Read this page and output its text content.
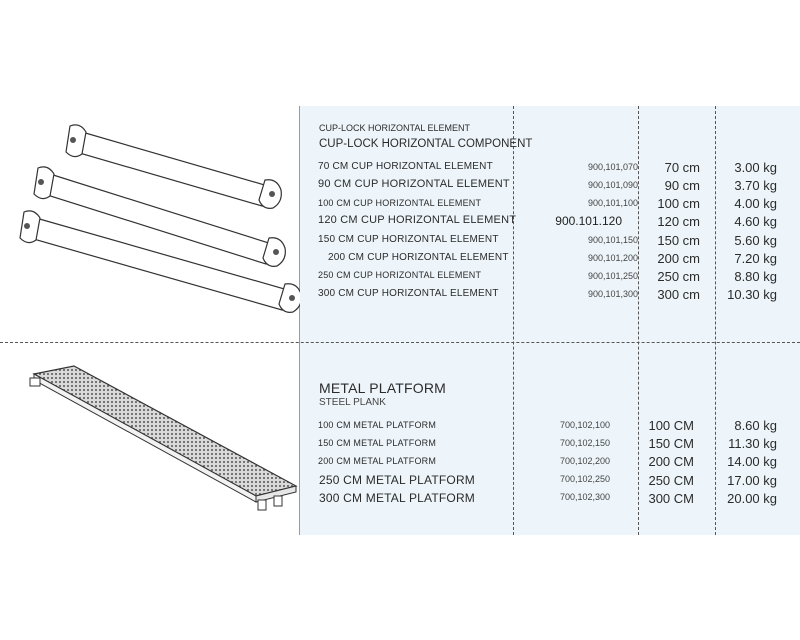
CUP-LOCK HORIZONTAL ELEMENT
CUP-LOCK HORIZONTAL COMPONENT
70 CM CUP HORIZONTAL ELEMENT	900,101,070	70 cm	3.00 kg
90 CM CUP HORIZONTAL ELEMENT	900,101,090	90 cm	3.70 kg
100 CM CUP HORIZONTAL ELEMENT	900,101,100	100 cm	4.00 kg
120 CM CUP HORIZONTAL ELEMENT	900.101.120	120 cm	4.60 kg
150 CM CUP HORIZONTAL ELEMENT	900,101,150	150 cm	5.60 kg
200 CM CUP HORIZONTAL ELEMENT	900,101,200	200 cm	7.20 kg
250 CM CUP HORIZONTAL ELEMENT	900,101,250	250 cm	8.80 kg
300 CM CUP HORIZONTAL ELEMENT	900,101,300	300 cm	10.30 kg
METAL PLATFORM
STEEL PLANK
100 CM METAL PLATFORM	700,102,100	100 CM	8.60 kg
150 CM METAL PLATFORM	700,102,150	150 CM	11.30 kg
200 CM METAL PLATFORM	700,102,200	200 CM	14.00 kg
250 CM METAL PLATFORM	700,102,250	250 CM	17.00 kg
300 CM METAL PLATFORM	700,102,300	300 CM	20.00 kg
